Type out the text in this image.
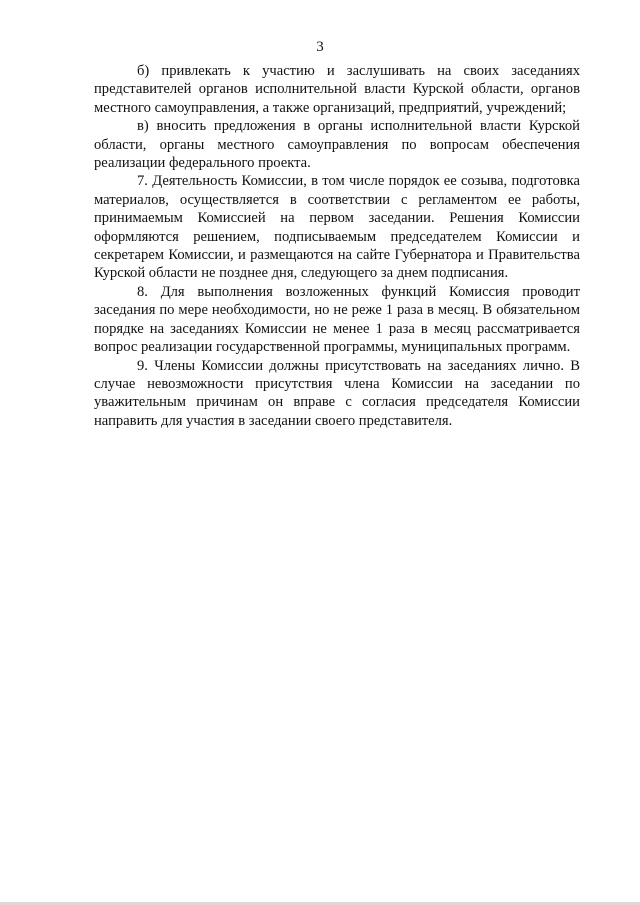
3

б) привлекать к участию и заслушивать на своих заседаниях представителей органов исполнительной власти Курской области, органов местного самоуправления, а также организаций, предприятий, учреждений;

в) вносить предложения в органы исполнительной власти Курской области, органы местного самоуправления по вопросам обеспечения реализации федерального проекта.

7. Деятельность Комиссии, в том числе порядок ее созыва, подготовка материалов, осуществляется в соответствии с регламентом ее работы, принимаемым Комиссией на первом заседании. Решения Комиссии оформляются решением, подписываемым председателем Комиссии и секретарем Комиссии, и размещаются на сайте Губернатора и Правительства Курской области не позднее дня, следующего за днем подписания.

8. Для выполнения возложенных функций Комиссия проводит заседания по мере необходимости, но не реже 1 раза в месяц. В обязательном порядке на заседаниях Комиссии не менее 1 раза в месяц рассматривается вопрос реализации государственной программы, муниципальных программ.

9. Члены Комиссии должны присутствовать на заседаниях лично. В случае невозможности присутствия члена Комиссии на заседании по уважительным причинам он вправе с согласия председателя Комиссии направить для участия в заседании своего представителя.
